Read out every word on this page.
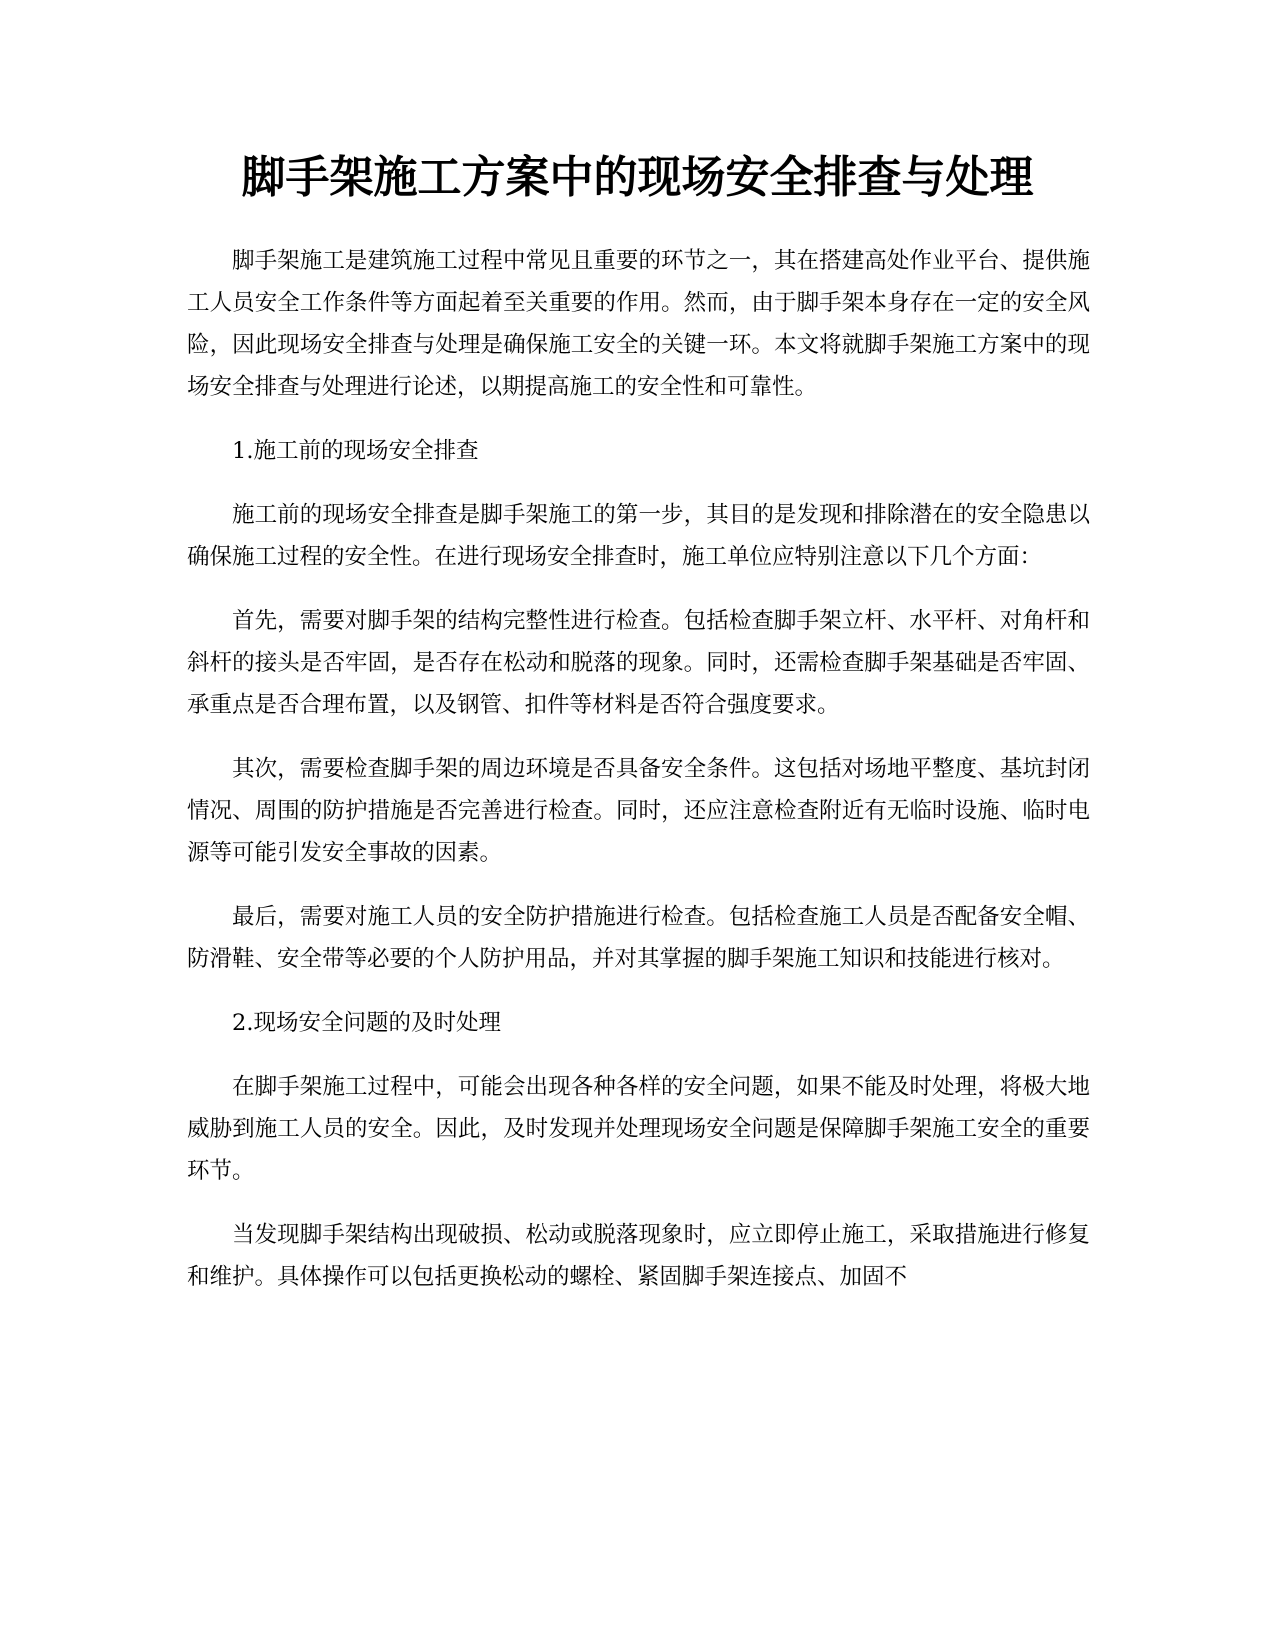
脚手架施工方案中的现场安全排查与处理

脚手架施工是建筑施工过程中常见且重要的环节之一，其在搭建高处作业平台、提供施工人员安全工作条件等方面起着至关重要的作用。然而，由于脚手架本身存在一定的安全风险，因此现场安全排查与处理是确保施工安全的关键一环。本文将就脚手架施工方案中的现场安全排查与处理进行论述，以期提高施工的安全性和可靠性。

1.施工前的现场安全排查

施工前的现场安全排查是脚手架施工的第一步，其目的是发现和排除潜在的安全隐患以确保施工过程的安全性。在进行现场安全排查时，施工单位应特别注意以下几个方面：

首先，需要对脚手架的结构完整性进行检查。包括检查脚手架立杆、水平杆、对角杆和斜杆的接头是否牢固，是否存在松动和脱落的现象。同时，还需检查脚手架基础是否牢固、承重点是否合理布置，以及钢管、扣件等材料是否符合强度要求。

其次，需要检查脚手架的周边环境是否具备安全条件。这包括对场地平整度、基坑封闭情况、周围的防护措施是否完善进行检查。同时，还应注意检查附近有无临时设施、临时电源等可能引发安全事故的因素。

最后，需要对施工人员的安全防护措施进行检查。包括检查施工人员是否配备安全帽、防滑鞋、安全带等必要的个人防护用品，并对其掌握的脚手架施工知识和技能进行核对。

2.现场安全问题的及时处理

在脚手架施工过程中，可能会出现各种各样的安全问题，如果不能及时处理，将极大地威胁到施工人员的安全。因此，及时发现并处理现场安全问题是保障脚手架施工安全的重要环节。

当发现脚手架结构出现破损、松动或脱落现象时，应立即停止施工，采取措施进行修复和维护。具体操作可以包括更换松动的螺栓、紧固脚手架连接点、加固不
